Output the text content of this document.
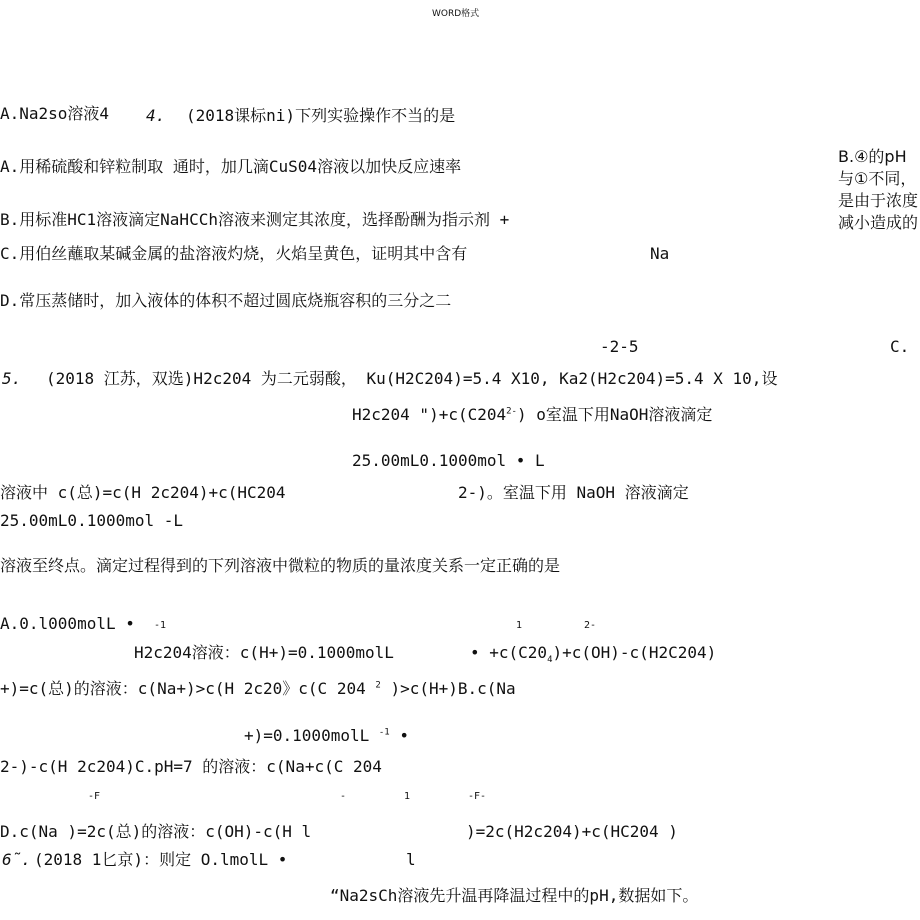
WORD格式
B.④的pH与①不同，是由于浓度减小造成的
A.Na2so溶液4 4. (2018课标ni)下列实验操作不当的是
A.用稀硫酸和锌粒制取 通时，加几滴CuS04溶液以加快反应速率
B.用标准HC1溶液滴定NaHCCh溶液来测定其浓度，选择酚酬为指示剂 +
C.用伯丝蘸取某碱金属的盐溶液灼烧，火焰呈黄色，证明其中含有	Na
D.常压蒸储时，加入液体的体积不超过圆底烧瓶容积的三分之二
-2-5	C.
5. (2018 江苏，双选)H2c204 为二元弱酸， Ku(H2C204)=5.4 X10, Ka2(H2c204)=5.4 X 10,设
H2c204 ")$+c(C204^{2-})$ o室温下用NaOH溶液滴定
25.00mL0.1000mol • L
溶液中 c(总)=c(H 2c204)+c(HC204	2-)。室温下用 NaOH 溶液滴定
25.00mL0.1000mol -L
溶液至终点。滴定过程得到的下列溶液中微粒的物质的量浓度关系一定正确的是
A.0.l000molL • -1	1	2-
H2c204溶液：c(H+)=0.1000molL	• $+c(C20_4)+c(OH)-c(H2C204)$
+)=c(总)的溶液：c(Na+)>c(H 2c20》c(C 204 $^2$ )>c(H+)B.c(Na
+)=0.1000molL $^{-1}$ •
2-)-c(H 2c204)C.pH=7 的溶液：c(Na+c(C 204
-F	-	1	-F-
D.c(Na )=2c(总)的溶液：c(OH)-c(H l	)=2c(H2c204)+c(HC204 )
6˜. (2018 1匕京)：则定 O.lmolL •	l
“Na2sCh溶液先升温再降温过程中的pH,数据如下。
